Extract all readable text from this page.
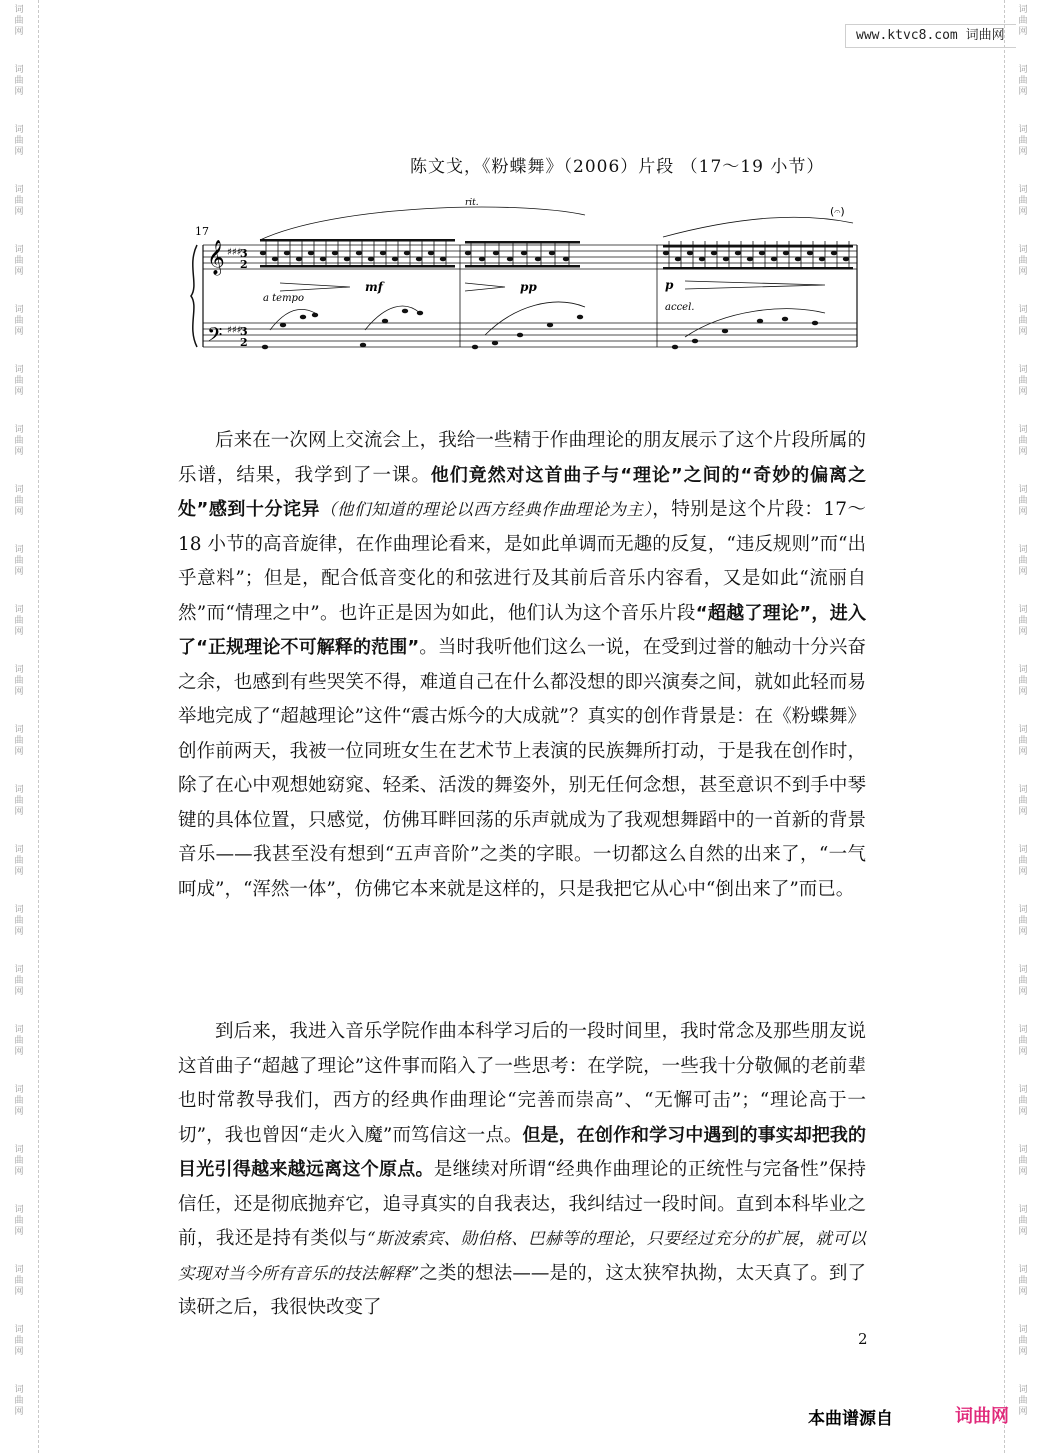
词
曲
网
词
曲
网
词
曲
网
词
曲
网
词
曲
网
词
曲
网
词
曲
网
词
曲
网
词
曲
网
词
曲
网
词
曲
网
词
曲
网
词
曲
网
词
曲
网
词
曲
网
词
曲
网
词
曲
网
词
曲
网
词
曲
网
词
曲
网
词
曲
网
词
曲
网
词
曲
网
词
曲
网
词
曲
网
词
曲
网
词
曲
网
词
曲
网
词
曲
网
词
曲
网
词
曲
网
词
曲
网
词
曲
网
词
曲
网
词
曲
网
词
曲
网
词
曲
网
词
曲
网
词
曲
网
词
曲
网
词
曲
网
词
曲
网
词
曲
网
词
曲
网
词
曲
网
词
曲
网
词
曲
网
词
曲
网
www.ktvc8.com 词曲网
陈文戈，《粉蝶舞》（2006）片段 （17～19 小节）
𝄞
𝄢
3
2
3
2
♯♯♯
♯♯♯
17
rit.
a tempo
mf	pp	p
accel.
(𝄐)
后来在一次网上交流会上，我给一些精于作曲理论的朋友展示了这个片段所属的乐谱，结果，我学到了一课。他们竟然对这首曲子与“理论”之间的“奇妙的偏离之处”感到十分诧异（他们知道的理论以西方经典作曲理论为主），特别是这个片段：17～18 小节的高音旋律，在作曲理论看来，是如此单调而无趣的反复，“违反规则”而“出乎意料”；但是，配合低音变化的和弦进行及其前后音乐内容看，又是如此“流丽自然”而“情理之中”。也许正是因为如此，他们认为这个音乐片段“超越了理论”，进入了“正规理论不可解释的范围”。当时我听他们这么一说，在受到过誉的触动十分兴奋之余，也感到有些哭笑不得，难道自己在什么都没想的即兴演奏之间，就如此轻而易举地完成了“超越理论”这件“震古烁今的大成就”？真实的创作背景是：在《粉蝶舞》创作前两天，我被一位同班女生在艺术节上表演的民族舞所打动，于是我在创作时，除了在心中观想她窈窕、轻柔、活泼的舞姿外，别无任何念想，甚至意识不到手中琴键的具体位置，只感觉，仿佛耳畔回荡的乐声就成为了我观想舞蹈中的一首新的背景音乐——我甚至没有想到“五声音阶”之类的字眼。一切都这么自然的出来了，“一气呵成”，“浑然一体”，仿佛它本来就是这样的，只是我把它从心中“倒出来了”而已。
到后来，我进入音乐学院作曲本科学习后的一段时间里，我时常念及那些朋友说这首曲子“超越了理论”这件事而陷入了一些思考：在学院，一些我十分敬佩的老前辈也时常教导我们，西方的经典作曲理论“完善而崇高”、“无懈可击”；“理论高于一切”，我也曾因“走火入魔”而笃信这一点。但是，在创作和学习中遇到的事实却把我的目光引得越来越远离这个原点。是继续对所谓“经典作曲理论的正统性与完备性”保持信任，还是彻底抛弃它，追寻真实的自我表达，我纠结过一段时间。直到本科毕业之前，我还是持有类似与“斯波索宾、勋伯格、巴赫等的理论，只要经过充分的扩展，就可以实现对当今所有音乐的技法解释”之类的想法——是的，这太狭窄执拗，太天真了。到了读研之后，我很快改变了
2
本曲谱源自	词曲网
